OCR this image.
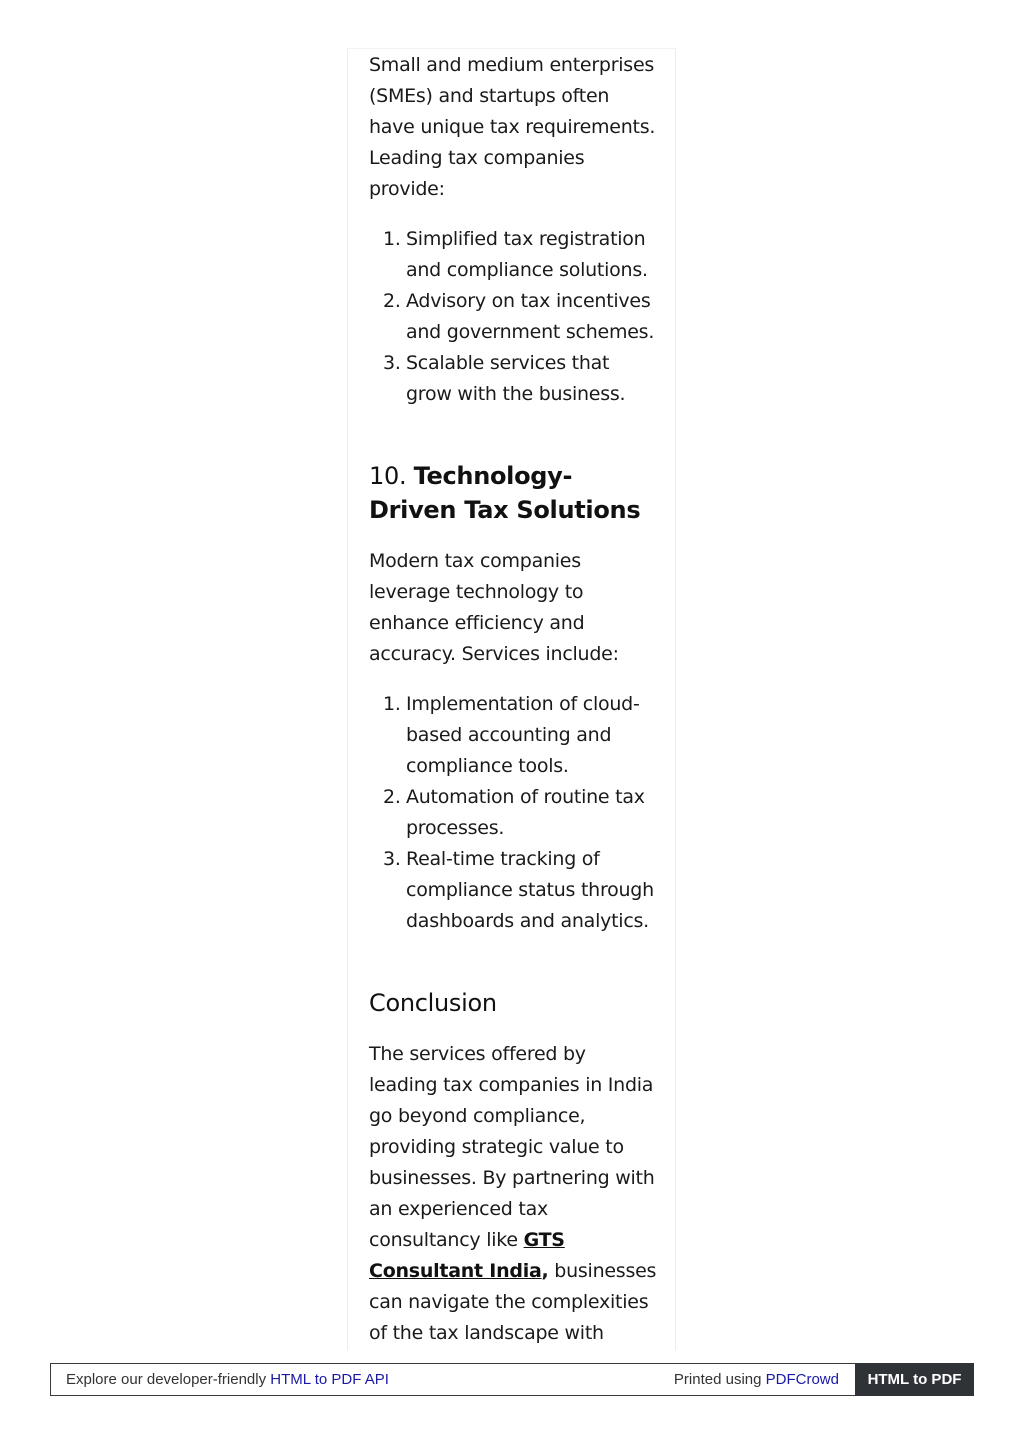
Small and medium enterprises (SMEs) and startups often have unique tax requirements. Leading tax companies provide:

1. Simplified tax registration and compliance solutions.
2. Advisory on tax incentives and government schemes.
3. Scalable services that grow with the business.
10. Technology-Driven Tax Solutions

Modern tax companies leverage technology to enhance efficiency and accuracy. Services include:

1. Implementation of cloud-based accounting and compliance tools.
2. Automation of routine tax processes.
3. Real-time tracking of compliance status through dashboards and analytics.
Conclusion

The services offered by leading tax companies in India go beyond compliance, providing strategic value to businesses. By partnering with an experienced tax consultancy like GTS Consultant India, businesses can navigate the complexities of the tax landscape with

Explore our developer-friendly HTML to PDF API	Printed using PDFCrowd	HTML to PDF
